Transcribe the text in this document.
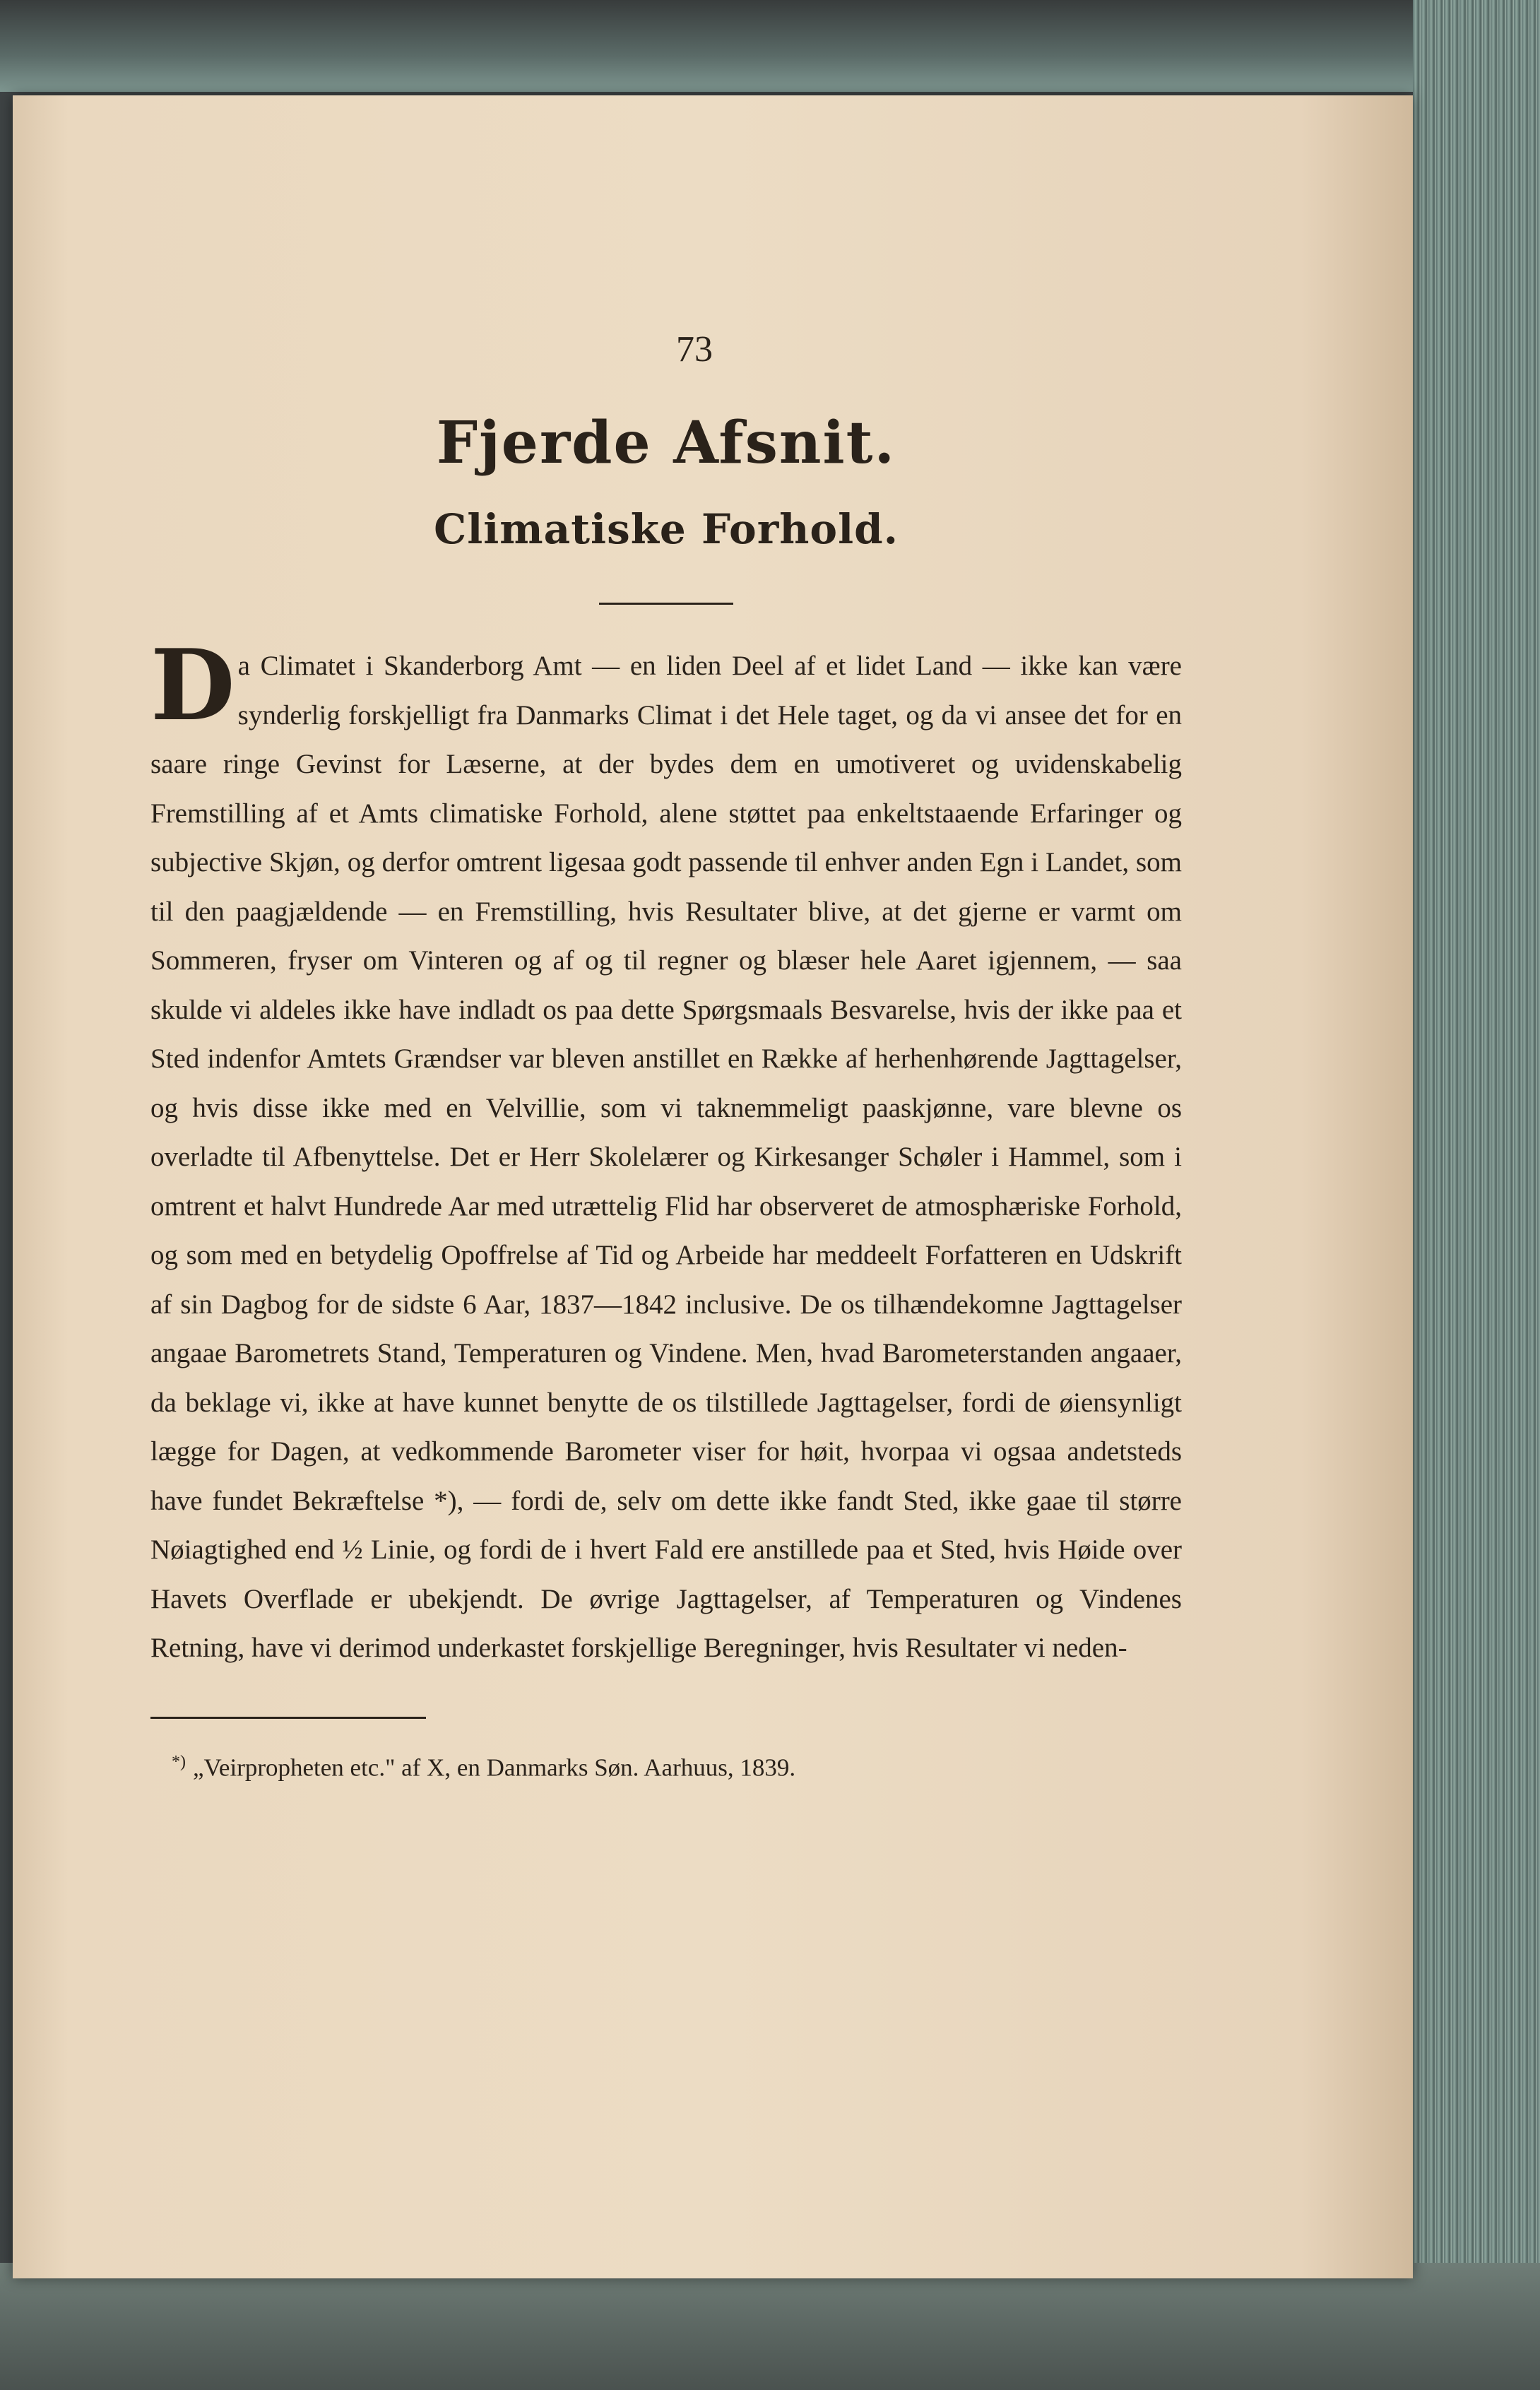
73
Fjerde Afsnit.
Climatiske Forhold.
Da Climatet i Skanderborg Amt — en liden Deel af et lidet Land — ikke kan være synderlig forskjelligt fra Danmarks Climat i det Hele taget, og da vi ansee det for en saare ringe Gevinst for Læserne, at der bydes dem en umotiveret og uvidenskabelig Fremstilling af et Amts climatiske Forhold, alene støttet paa enkeltstaaende Erfaringer og subjective Skjøn, og derfor omtrent ligesaa godt passende til enhver anden Egn i Landet, som til den paagjældende — en Fremstilling, hvis Resultater blive, at det gjerne er varmt om Sommeren, fryser om Vinteren og af og til regner og blæser hele Aaret igjennem, — saa skulde vi aldeles ikke have indladt os paa dette Spørgsmaals Besvarelse, hvis der ikke paa et Sted indenfor Amtets Grændser var bleven anstillet en Række af herhenhørende Jagttagelser, og hvis disse ikke med en Velvillie, som vi taknemmeligt paaskjønne, vare blevne os overladte til Afbenyttelse. Det er Herr Skolelærer og Kirkesanger Schøler i Hammel, som i omtrent et halvt Hundrede Aar med utrættelig Flid har observeret de atmosphæriske Forhold, og som med en betydelig Opoffrelse af Tid og Arbeide har meddeelt Forfatteren en Udskrift af sin Dagbog for de sidste 6 Aar, 1837—1842 inclusive. De os tilhændekomne Jagttagelser angaae Barometrets Stand, Temperaturen og Vindene. Men, hvad Barometerstanden angaaer, da beklage vi, ikke at have kunnet benytte de os tilstillede Jagttagelser, fordi de øiensynligt lægge for Dagen, at vedkommende Barometer viser for høit, hvorpaa vi ogsaa andetsteds have fundet Bekræftelse *), — fordi de, selv om dette ikke fandt Sted, ikke gaae til større Nøiagtighed end ½ Linie, og fordi de i hvert Fald ere anstillede paa et Sted, hvis Høide over Havets Overflade er ubekjendt. De øvrige Jagttagelser, af Temperaturen og Vindenes Retning, have vi derimod underkastet forskjellige Beregninger, hvis Resultater vi neden-
*) „Veirpropheten etc." af X, en Danmarks Søn. Aarhuus, 1839.
